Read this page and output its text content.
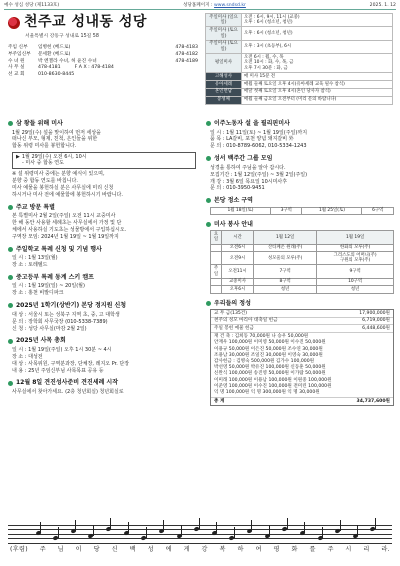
예수 성심 성당 (제1133호)	성당홈페이지 : www.sndsd.kr	2025. 1. 12
천주교 성내동 성당
서울특별시 강동구 성내로 15길 58
주임 신부	임병헌 (베드로)	478-4183
부주임신부	문세환 (베드로)	478-4182
수 녀 원	박 엔젤라 수녀, 허 윤진 수녀	478-4189
사 무 실	478-4181	F A X : 478-4184
선 교 회	010-8630-8445
주일미사 (일요일)	오전 : 6시, 9시, 11시 (교중)
오후 : 6시 (청소년, 청년)
주일미사 (토요일)	오후 : 6시 (청소년, 청년)
주일미사 (토요일)	오후 : 3시 (초등부), 6시
평일미사	오전 6시 : 월, 수, 목
오전 10시 : 화, 수, 목, 금
오후 7시 30분 : 화, 금
고해성사	매 미사 15분 전
유아세례	매월 둘째 토요일 오후 4시(유아세례 교육 필수 참석)
혼인면담	매달 첫째 토요일 오후 4시(혼인 당사자 참석)
봉성체	매월 둘째 금요일 오전부터 (미리 문의 바랍니다)
삼 왕들 위해 미사

1월 29일(수) 설을 맞이하여 먼저 세상을

떠나신 부모, 형제, 친척, 은인들을 위한

합동 위령 미사를 봉헌합니다.

▶ 1월 29일(수) 오전 6시, 10시
- 미사 중 합동 연도

※ 설 위령미사 중에는 분향 예식이 있으며,

분향 중 합동 연도를 바칩니다.

미사 예물을 봉헌하실 분은 사무실에 미리 신청

하시거나 미사 전에 예물함에 봉헌하시기 바랍니다.

주교 방문 특별

본 특별미사 2월 2일(주일) 오전 11시 교중미사

한 해 동안 사용할 세례초는 사무실에서 가정 및 단

체에서 사용하실 기도초는 성물방에서 구입하십시오.

구역장 모임: 2024년 1월 19일 ~ 1월 19일까지

주일학교 특례 신청 및 기념 행사

일 시 : 1월 13일(월)

장 소 : 토레텔드

중고등부 특례 동계 스키 캠프

일 시 : 1월 19일(일) ~ 20일(월)

장 소 : 홍천 비발디파크

2025년 1학기(상반기) 본당 정지원 신청

대 상 : 서울시 또는 성북구 지역 초, 중, 고 대학생

문 의 : 장학회 사무국장 (010-5338-7389)

신 청 : 성당 사무실(마감 2월 2일)

2025년 사목 총회

일 시 : 1월 19일(주일) 오후 1시 30분 ~ 4시

장 소 : 대성전

대 상 : 사목위원, 구역분과장, 단체장, 레지오 Pr. 단장

내 용 : 25년 주임신부님 사목목표 공유 등

12월 8일 견진성사준비 견진세례 시작

사무실에서 찾아가세요. (2층 청년회실) 청년회실로

이주노동자 설 을 필리핀미사

일 시 : 1월 11일(토) ~ 1월 19일(주일)까지

품 목 : LA갈비, 포천 양념 돼지갈비 外

문 의 : 010-8789-6062, 010-5334-1243

성서 백주간 그룹 모임

성경을 통하여 주님을 알아 갑시다.

모집기간 : 1월 12일(주일) ~ 3월 2일(주일)

개 강 : 3월 6일 목요일 10시미사후

문 의 : 010-3950-9451

본당 정소 구역
1월 18일(토)	3구역	1월 25일(토)	6구역
미사 봉사 안내
요일	시간	1월 12일	1월 19일
	오전6시	산티페온 원래(주)	한화의 모루(주)
	오전9시	성모울의 모루(주)	그리스도의 어머니(주)
구원의 모후(주)
주일	오전11시	7구역	9구역
	교중미사	8구역	10구역
	오후6시	청년	청년
우리들의 정성
교 무 금(135건)	17,900,000원
천주의 성모 마리아 대축일 헌금	6,719,000원
주일 봉헌 예물 헌금	6,448,600원
재 건 축 : 김희동 70,000원 나 승우 50,000원
안재우 100,000원 이미영 50,000원 이수진 50,000원
이용규 50,000원 이은진 50,000원 조수연 30,000원
조용남 30,000원 조일진 30,000원 이영숙 30,000원
감사헌금 : 김병숙 500,000원 김가수 100,000원
박선영 50,000원 박유진 100,000원 신동훈 50,000원
신완식 100,000원 송진영 50,000원 이가람 50,000원
이미래 100,000원 이용남 100,000원 이원중 100,000원
이준영 100,000원 이수진 100,000원 전미린 100,000원
익 명 100,000원 익 명 300,000원 익 명 30,000원
총 계	34,737,600원
(후렴) 주 님 이 당 신 백 성 에 게 강 복 하 여 평 화 를 주 시 리 라.
